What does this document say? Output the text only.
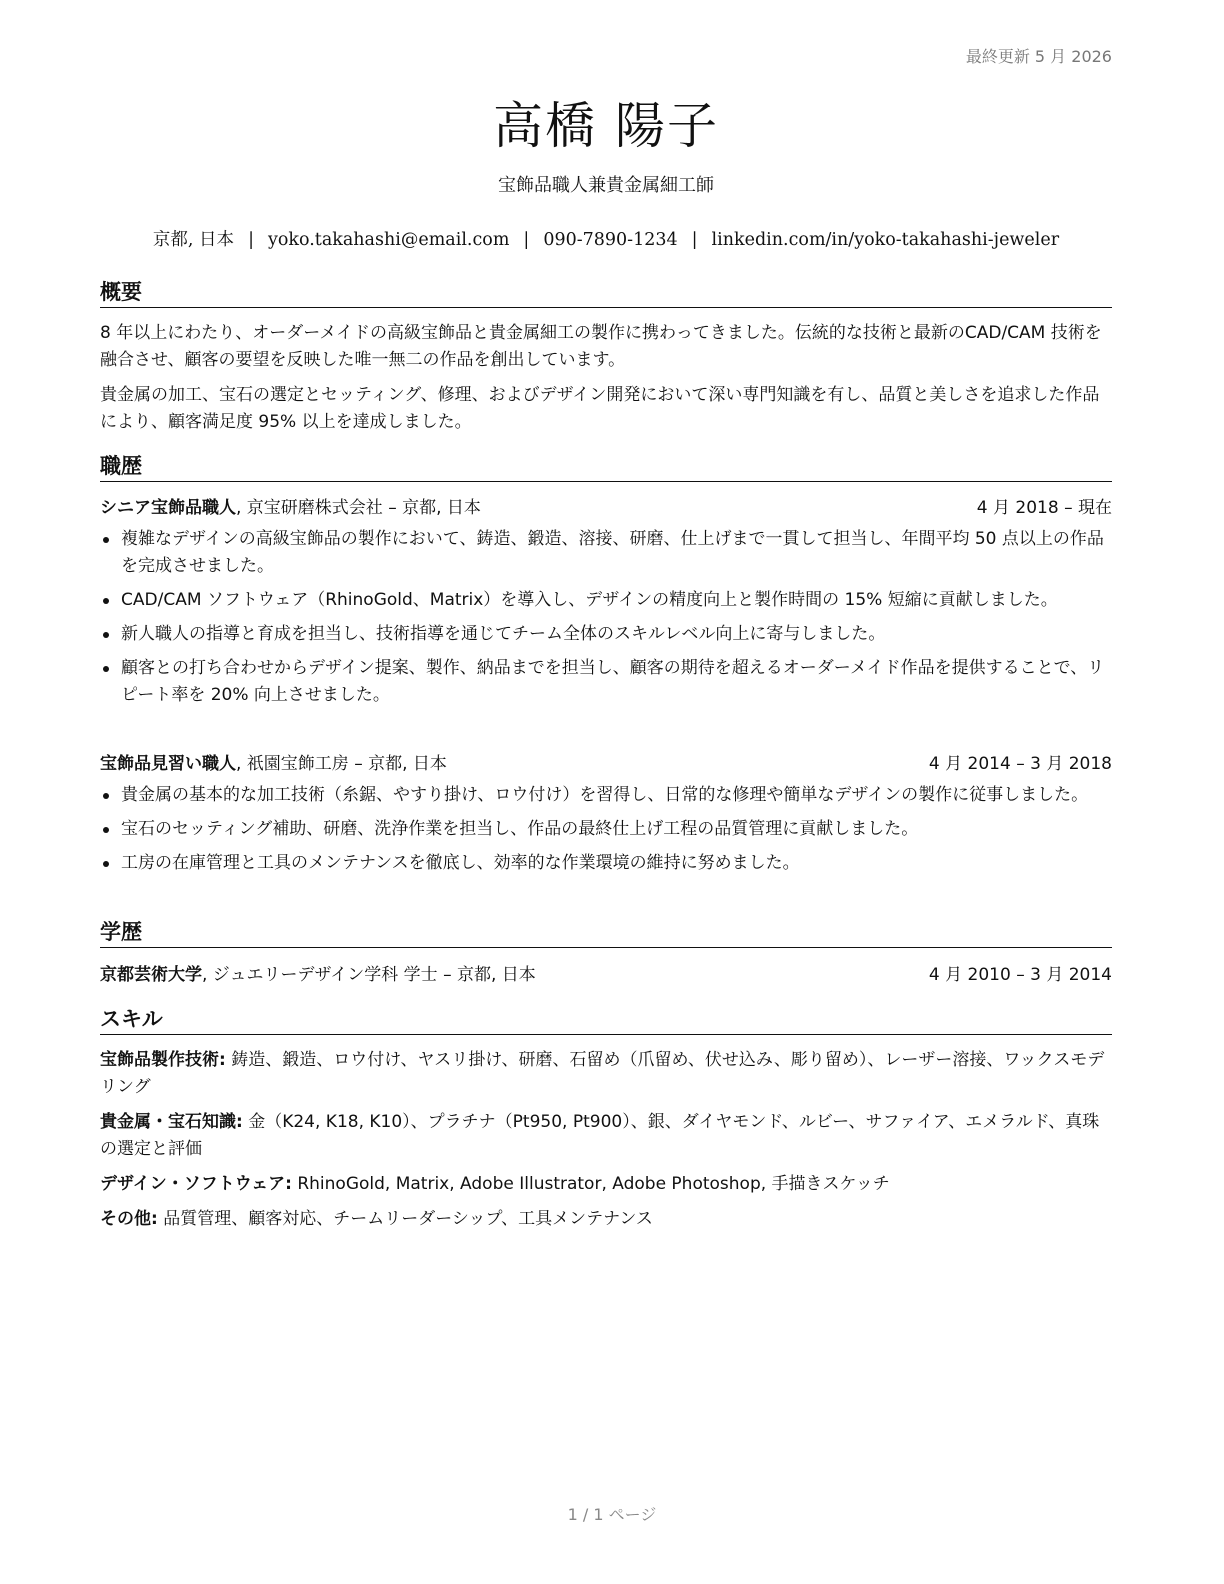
最終更新 5 月 2026
高橋 陽子
宝飾品職人兼貴金属細工師
京都, 日本 | yoko.takahashi@email.com | 090-7890-1234 | linkedin.com/in/yoko-takahashi-jeweler
概要
8 年以上にわたり、オーダーメイドの高級宝飾品と貴金属細工の製作に携わってきました。伝統的な技術と最新のCAD/CAM 技術を融合させ、顧客の要望を反映した唯一無二の作品を創出しています。
貴金属の加工、宝石の選定とセッティング、修理、およびデザイン開発において深い専門知識を有し、品質と美しさを追求した作品により、顧客満足度 95% 以上を達成しました。
職歴
シニア宝飾品職人, 京宝研磨株式会社 – 京都, 日本	4 月 2018 – 現在
複雑なデザインの高級宝飾品の製作において、鋳造、鍛造、溶接、研磨、仕上げまで一貫して担当し、年間平均 50 点以上の作品を完成させました。
CAD/CAM ソフトウェア（RhinoGold、Matrix）を導入し、デザインの精度向上と製作時間の 15% 短縮に貢献しました。
新人職人の指導と育成を担当し、技術指導を通じてチーム全体のスキルレベル向上に寄与しました。
顧客との打ち合わせからデザイン提案、製作、納品までを担当し、顧客の期待を超えるオーダーメイド作品を提供することで、リピート率を 20% 向上させました。
宝飾品見習い職人, 祇園宝飾工房 – 京都, 日本	4 月 2014 – 3 月 2018
貴金属の基本的な加工技術（糸鋸、やすり掛け、ロウ付け）を習得し、日常的な修理や簡単なデザインの製作に従事しました。
宝石のセッティング補助、研磨、洗浄作業を担当し、作品の最終仕上げ工程の品質管理に貢献しました。
工房の在庫管理と工具のメンテナンスを徹底し、効率的な作業環境の維持に努めました。
学歴
京都芸術大学, ジュエリーデザイン学科 学士 – 京都, 日本	4 月 2010 – 3 月 2014
スキル
宝飾品製作技術: 鋳造、鍛造、ロウ付け、ヤスリ掛け、研磨、石留め（爪留め、伏せ込み、彫り留め）、レーザー溶接、ワックスモデリング
貴金属・宝石知識: 金（K24, K18, K10）、プラチナ（Pt950, Pt900）、銀、ダイヤモンド、ルビー、サファイア、エメラルド、真珠の選定と評価
デザイン・ソフトウェア: RhinoGold, Matrix, Adobe Illustrator, Adobe Photoshop, 手描きスケッチ
その他: 品質管理、顧客対応、チームリーダーシップ、工具メンテナンス
1 / 1 ページ
